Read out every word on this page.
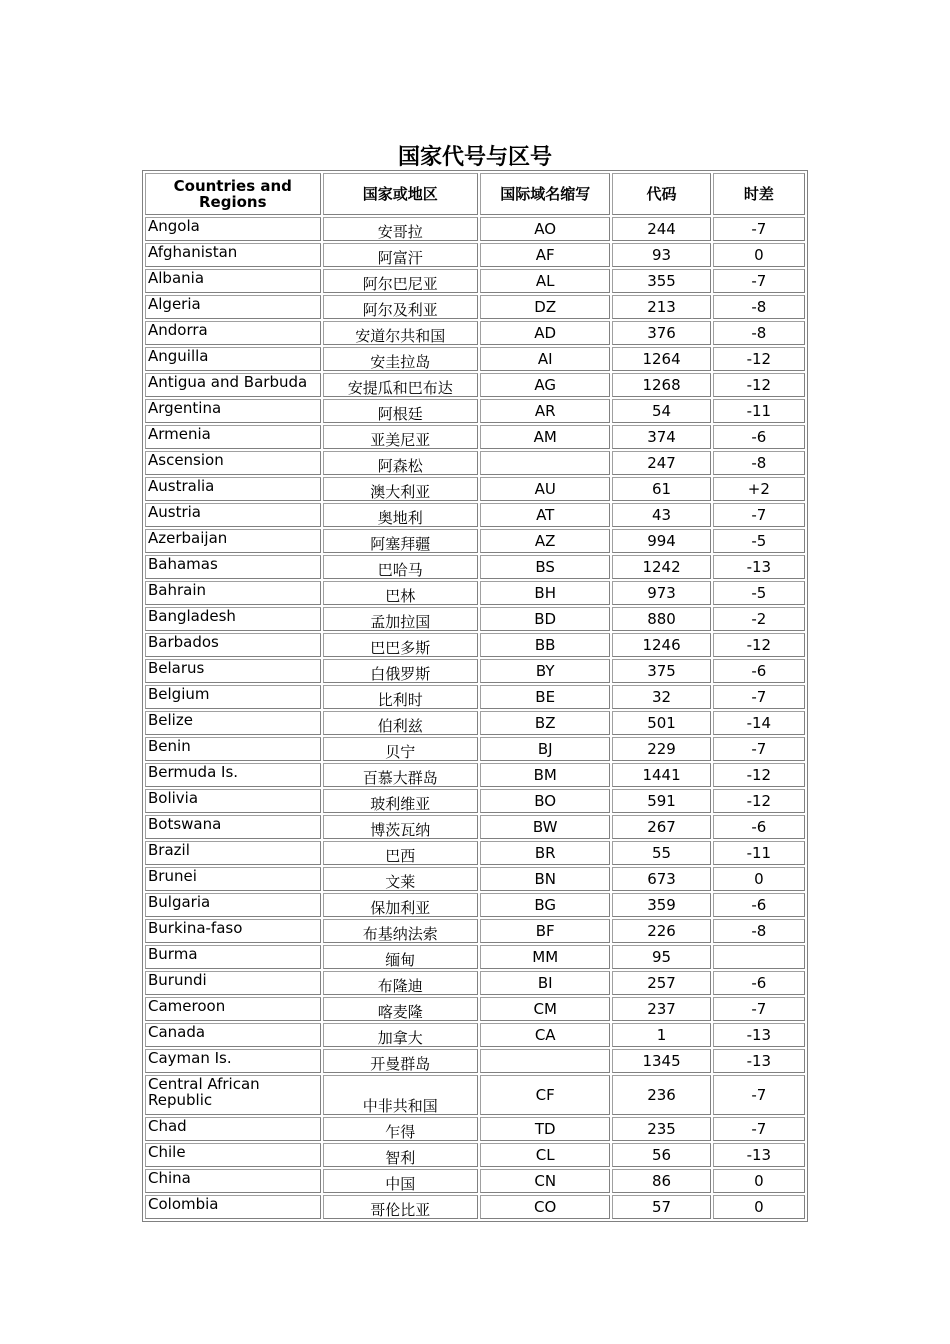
国家代号与区号
Countries and Regions	国家或地区	国际域名缩写	代码	时差
Angola	安哥拉	AO	244	-7
Afghanistan	阿富汗	AF	93	0
Albania	阿尔巴尼亚	AL	355	-7
Algeria	阿尔及利亚	DZ	213	-8
Andorra	安道尔共和国	AD	376	-8
Anguilla	安圭拉岛	AI	1264	-12
Antigua and Barbuda	安提瓜和巴布达	AG	1268	-12
Argentina	阿根廷	AR	54	-11
Armenia	亚美尼亚	AM	374	-6
Ascension	阿森松		247	-8
Australia	澳大利亚	AU	61	+2
Austria	奥地利	AT	43	-7
Azerbaijan	阿塞拜疆	AZ	994	-5
Bahamas	巴哈马	BS	1242	-13
Bahrain	巴林	BH	973	-5
Bangladesh	孟加拉国	BD	880	-2
Barbados	巴巴多斯	BB	1246	-12
Belarus	白俄罗斯	BY	375	-6
Belgium	比利时	BE	32	-7
Belize	伯利兹	BZ	501	-14
Benin	贝宁	BJ	229	-7
Bermuda Is.	百慕大群岛	BM	1441	-12
Bolivia	玻利维亚	BO	591	-12
Botswana	博茨瓦纳	BW	267	-6
Brazil	巴西	BR	55	-11
Brunei	文莱	BN	673	0
Bulgaria	保加利亚	BG	359	-6
Burkina-faso	布基纳法索	BF	226	-8
Burma	缅甸	MM	95	
Burundi	布隆迪	BI	257	-6
Cameroon	喀麦隆	CM	237	-7
Canada	加拿大	CA	1	-13
Cayman Is.	开曼群岛		1345	-13
Central African Republic	中非共和国	CF	236	-7
Chad	乍得	TD	235	-7
Chile	智利	CL	56	-13
China	中国	CN	86	0
Colombia	哥伦比亚	CO	57	0
